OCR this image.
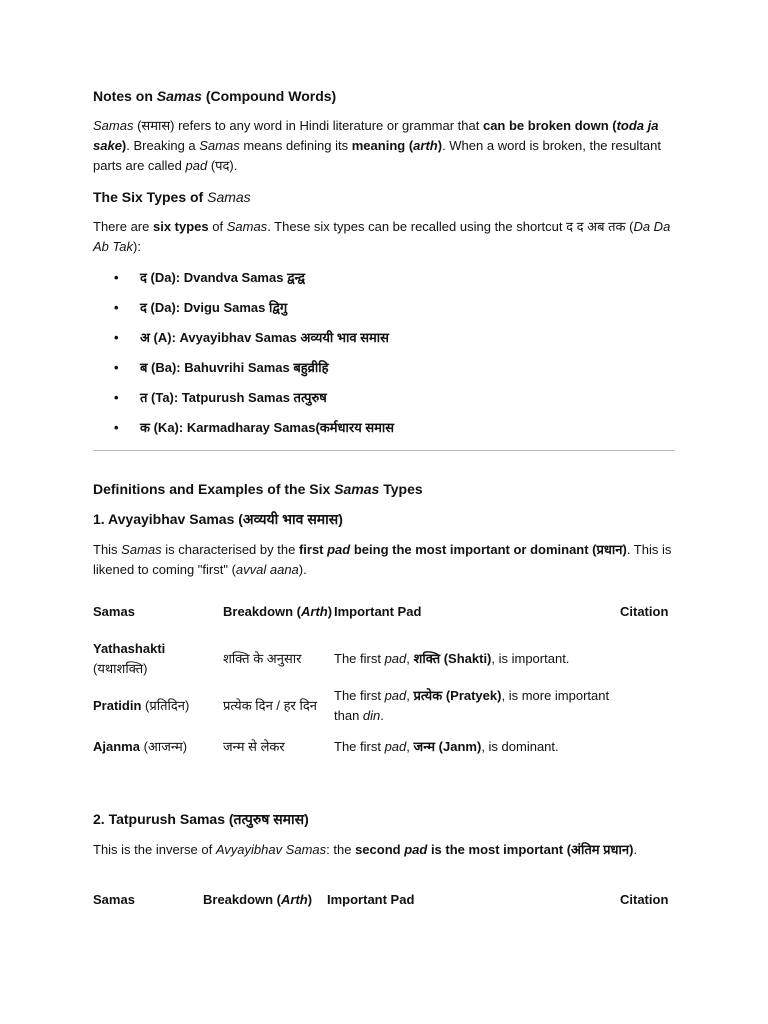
Notes on Samas (Compound Words)
Samas (समास) refers to any word in Hindi literature or grammar that can be broken down (toda ja sake). Breaking a Samas means defining its meaning (arth). When a word is broken, the resultant parts are called pad (पद).
The Six Types of Samas
There are six types of Samas. These six types can be recalled using the shortcut द द अब तक (Da Da Ab Tak):
• द (Da): Dvandva Samas द्वन्द्व
• द (Da): Dvigu Samas द्विगु
• अ (A): Avyayibhav Samas अव्ययी भाव समास
• ब (Ba): Bahuvrihi Samas बहुव्रीहि
• त (Ta): Tatpurush Samas तत्पुरुष
• क (Ka): Karmadharay Samas(कर्मधारय समास
Definitions and Examples of the Six Samas Types
1. Avyayibhav Samas (अव्ययी भाव समास)
This Samas is characterised by the first pad being the most important or dominant (प्रधान). This is likened to coming "first" (avval aana).
Samas	Breakdown (Arth)	Important Pad	Citation
Yathashakti (यथाशक्ति)	शक्ति के अनुसार	The first pad, शक्ति (Shakti), is important.	
Pratidin (प्रतिदिन)	प्रत्येक दिन / हर दिन	The first pad, प्रत्येक (Pratyek), is more important than din.	
Ajanma (आजन्म)	जन्म से लेकर	The first pad, जन्म (Janm), is dominant.	
2. Tatpurush Samas (तत्पुरुष समास)
This is the inverse of Avyayibhav Samas: the second pad is the most important (अंतिम प्रधान).
Samas	Breakdown (Arth)	Important Pad	Citation
